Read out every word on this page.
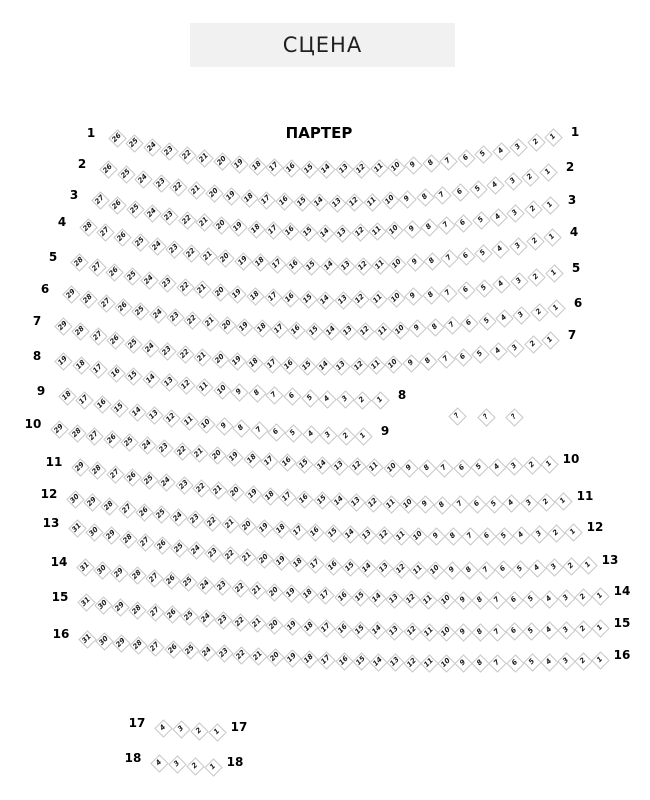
СЦЕНА
ПАРТЕР
1	1
26 25 24 23 22 21 20 19 18 17 16 15 14 13 12 11 10 9 8 7 6 5 4 3 2
1
2	2
26 25 24 23 22 21 20 19 18 17 16 15 14 13 12 11 10 9 8 7 6 5 4 3 2
1
3	3
27 26 25 24 23 22 21 20 19 18 17 16 15 14 13 12 11 10 9 8 7 6 5 4 3 2 1
4
4
28 27 26 25 24 23 22 21 20 19 18 17 16 15 14 13 12 11 10 9 8 7 6 5 4 3 2 1
5
5
28 27 26 25 24 23 22 21 20 19 18 17 16 15 14 13 12 11 10 9 8 7 6 5 4 3 2 1
6
6
29 28 27 26 25 24 23 22 21 20 19 18 17 16 15 14 13 12 11 10 9 8 7 6 5 4 3 2 1
7
7
29 28 27 26 25 24 23 22 21 20 19 18 17 16 15 14 13 12 11 10 9 8 7 6 5 4 3 2 1
8
8
19 18 17 16 15 14 13 12 11 10 9 8 7 6 5 4 3 2 1
9
9
18 17 16 15 14 13 12 11 10 9 8 7 6 5 4 3 2 1
10
10
29 28 27 26 25 24 23 22 21 20 19 18 17 16 15 14 13 12 11 10 9 8 7 6 5 4 3 2 1
11
11
29 28 27 26 25 24 23 22 21 20 19 18 17 16 15 14 13 12 11 10 9 8 7 6 5 4 3 2 1
12
12
30 29 28 27 26 25 24 23 22 21 20 19 18 17 16 15 14 13 12 11 10 9 8 7 6 5 4 3 2 1
13
13
31 30 29 28 27 26 25 24 23 22 21 20 19 18 17 16 15 14 13 12 11 10 9 8 7 6 5 4 3 2 1
14
14
31 30 29 28 27 26 25 24 23 22 21 20 19 18 17 16 15 14 13 12 11 10 9 8 7 6 5 4 3 2 1
15
15
31 30 29 28 27 26 25 24 23 22 21 20 19 18 17 16 15 14 13 12 11 10 9 8 7 6 5 4 3 2 1
16
16
31 30 29 28 27 26 25 24 23 22 21 20 19 18 17 16 15 14 13 12 11 10 9 8 7 6 5 4 3 2 1
17	17
4 3 2 1
18	18
4 3 2 1
?	?	?
